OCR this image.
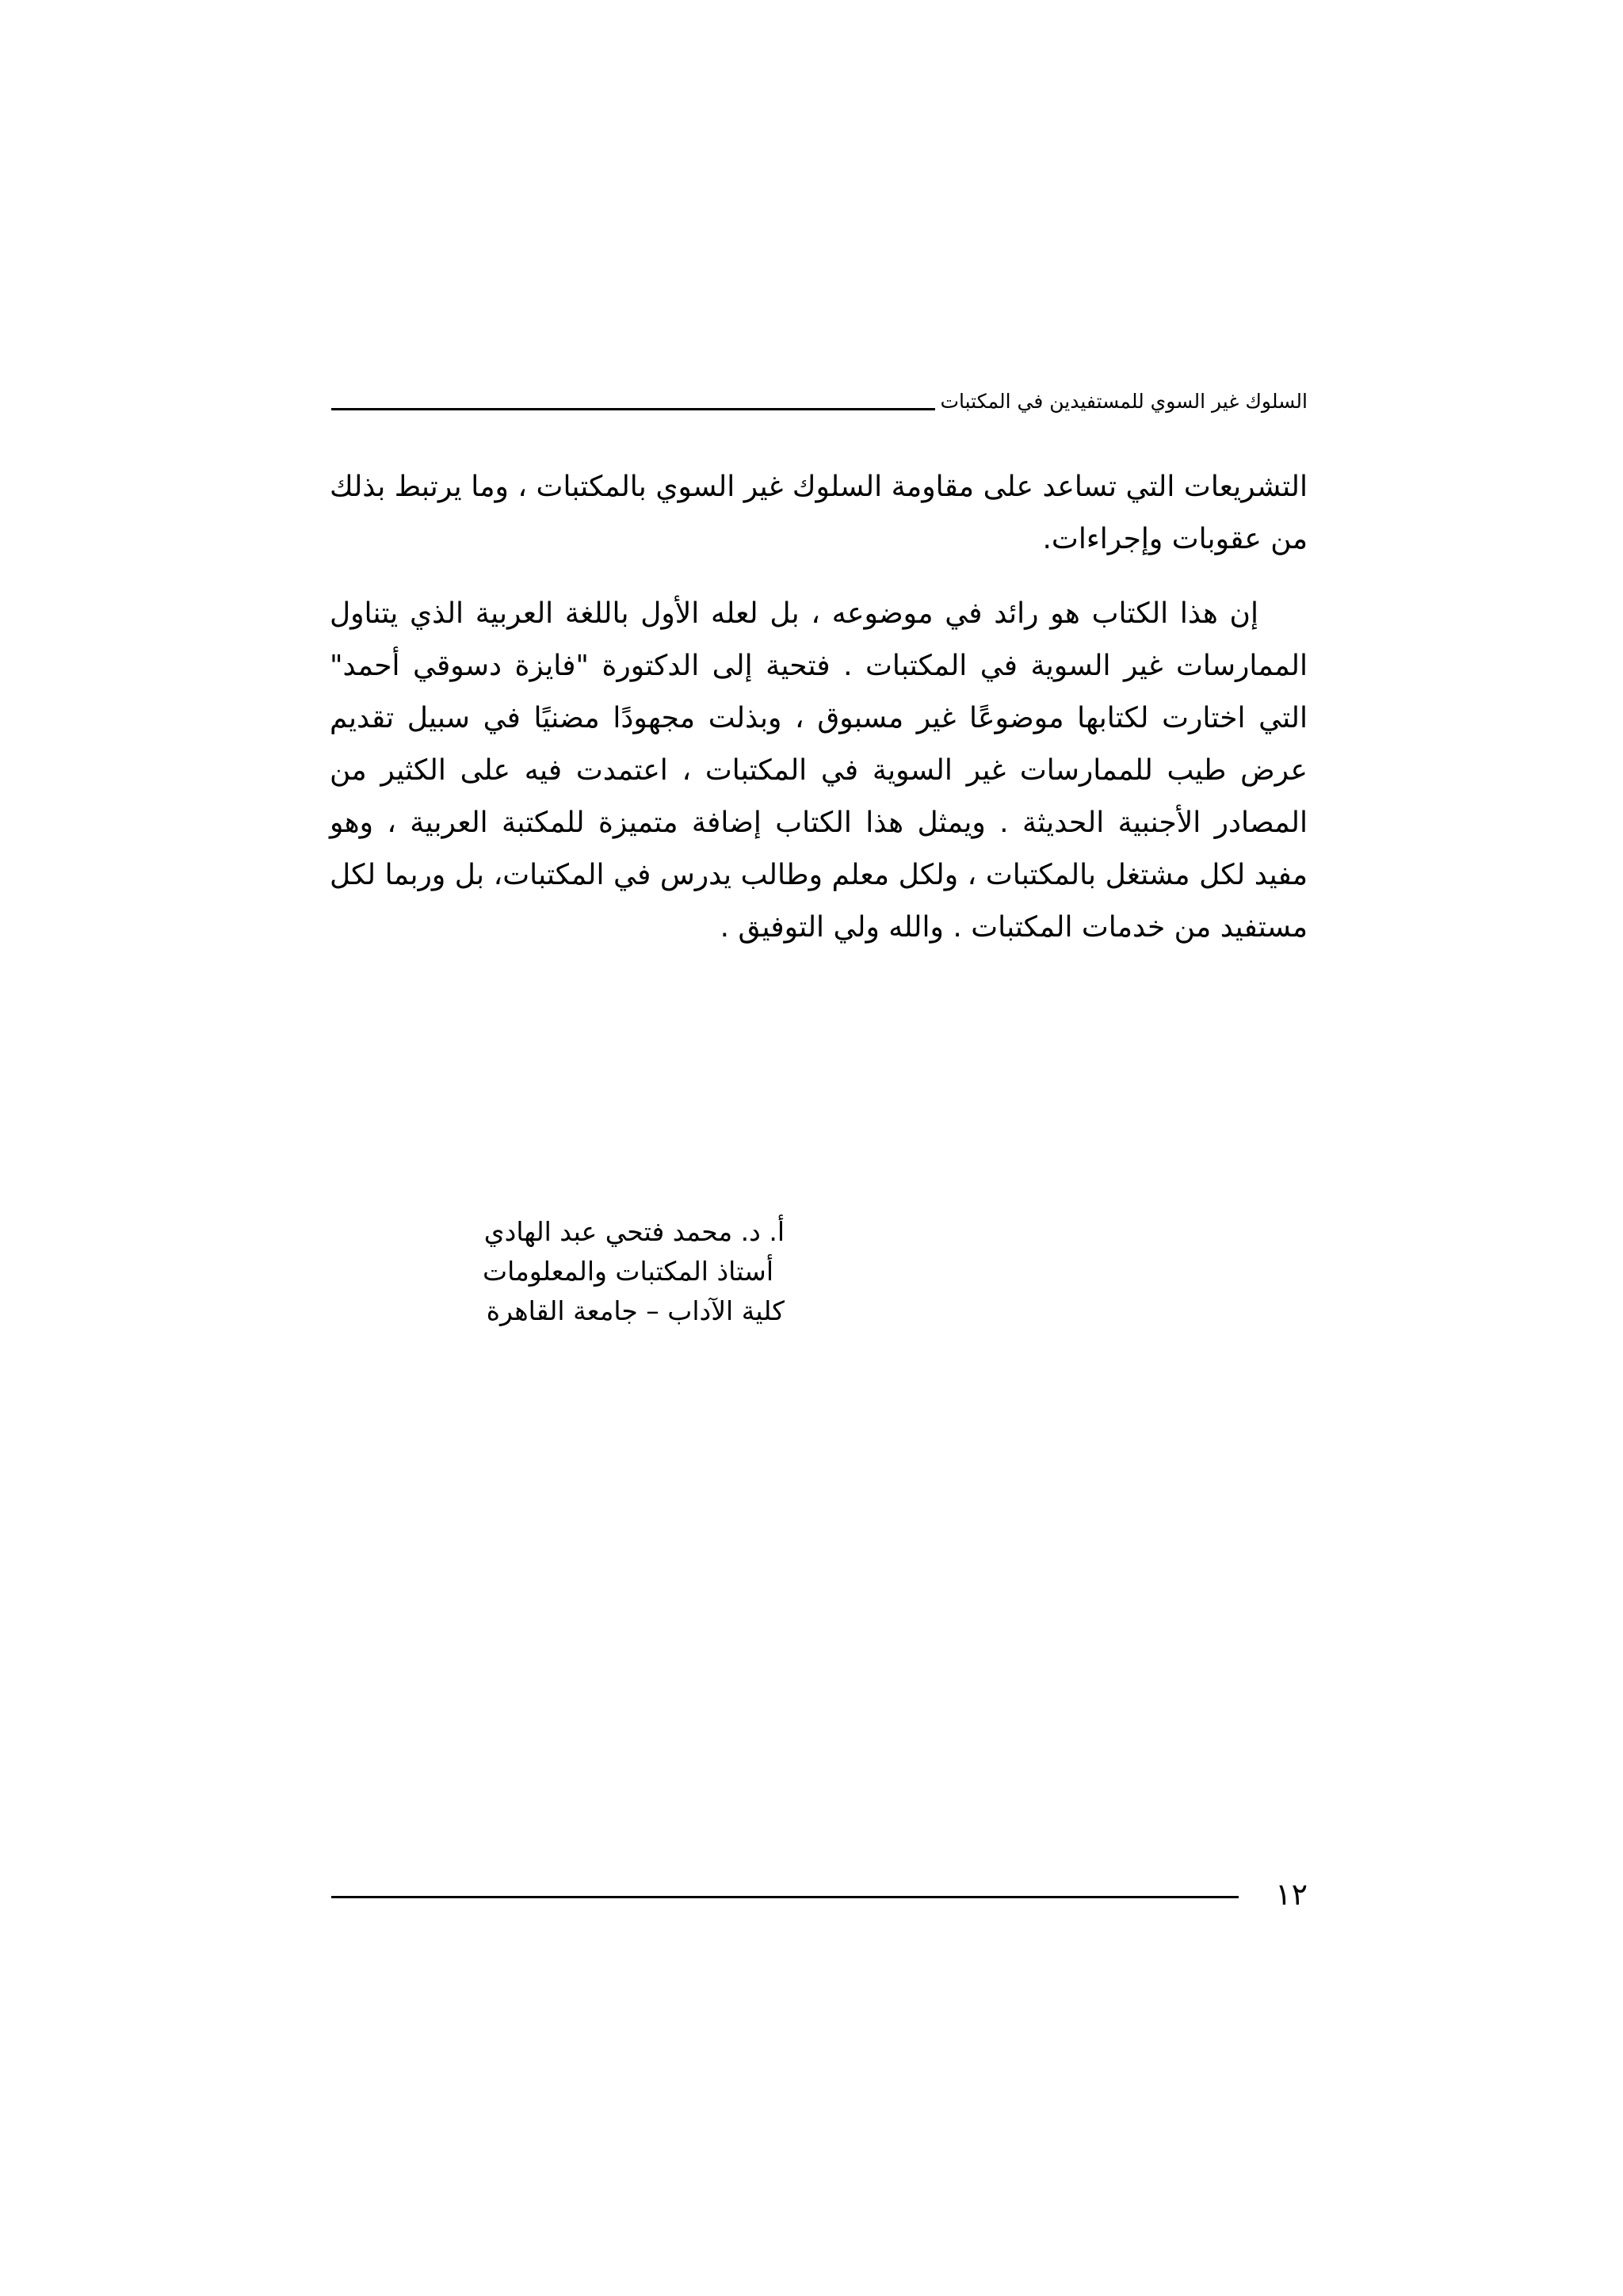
السلوك غير السوي للمستفيدين في المكتبات

التشريعات التي تساعد على مقاومة السلوك غير السوي بالمكتبات ، وما يرتبط بذلك من عقوبات وإجراءات.

إن هذا الكتاب هو رائد في موضوعه ، بل لعله الأول باللغة العربية الذي يتناول الممارسات غير السوية في المكتبات . فتحية إلى الدكتورة "فايزة دسوقي أحمد" التي اختارت لكتابها موضوعًا غير مسبوق ، وبذلت مجهودًا مضنيًا في سبيل تقديم عرض طيب للممارسات غير السوية في المكتبات ، اعتمدت فيه على الكثير من المصادر الأجنبية الحديثة . ويمثل هذا الكتاب إضافة متميزة للمكتبة العربية ، وهو مفيد لكل مشتغل بالمكتبات ، ولكل معلم وطالب يدرس في المكتبات، بل وربما لكل مستفيد من خدمات المكتبات . والله ولي التوفيق .

أ. د. محمد فتحي عبد الهادي
أستاذ المكتبات والمعلومات
كلية الآداب – جامعة القاهرة
١٢
